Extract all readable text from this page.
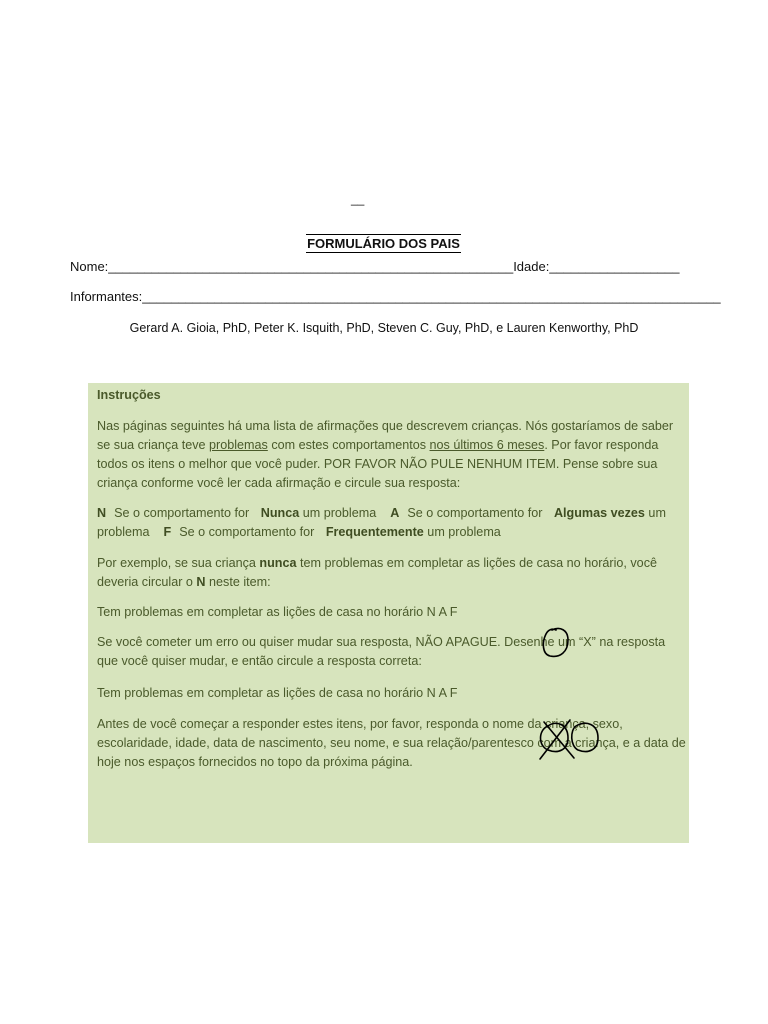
__
FORMULÁRIO DOS PAIS
Nome:________________________________________________________Idade:__________________
Informantes:________________________________________________________________________________
Gerard A. Gioia, PhD, Peter K. Isquith, PhD, Steven C. Guy, PhD, e Lauren Kenworthy, PhD
Instruções
Nas páginas seguintes há uma lista de afirmações que descrevem crianças. Nós gostaríamos de saber se sua criança teve problemas com estes comportamentos nos últimos 6 meses. Por favor responda todos os itens o melhor que você puder. POR FAVOR NÃO PULE NENHUM ITEM. Pense sobre sua criança conforme você ler cada afirmação e circule sua resposta:
N Se o comportamento for Nunca um problema A Se o comportamento for Algumas vezes um problema F Se o comportamento for Frequentemente um problema
Por exemplo, se sua criança nunca tem problemas em completar as lições de casa no horário, você deveria circular o N neste item:
Tem problemas em completar as lições de casa no horário N A F
Se você cometer um erro ou quiser mudar sua resposta, NÃO APAGUE. Desenhe um “X” na resposta que você quiser mudar, e então circule a resposta correta:
Tem problemas em completar as lições de casa no horário N A F
Antes de você começar a responder estes itens, por favor, responda o nome da criança, sexo, escolaridade, idade, data de nascimento, seu nome, e sua relação/parentesco com a criança, e a data de hoje nos espaços fornecidos no topo da próxima página.
